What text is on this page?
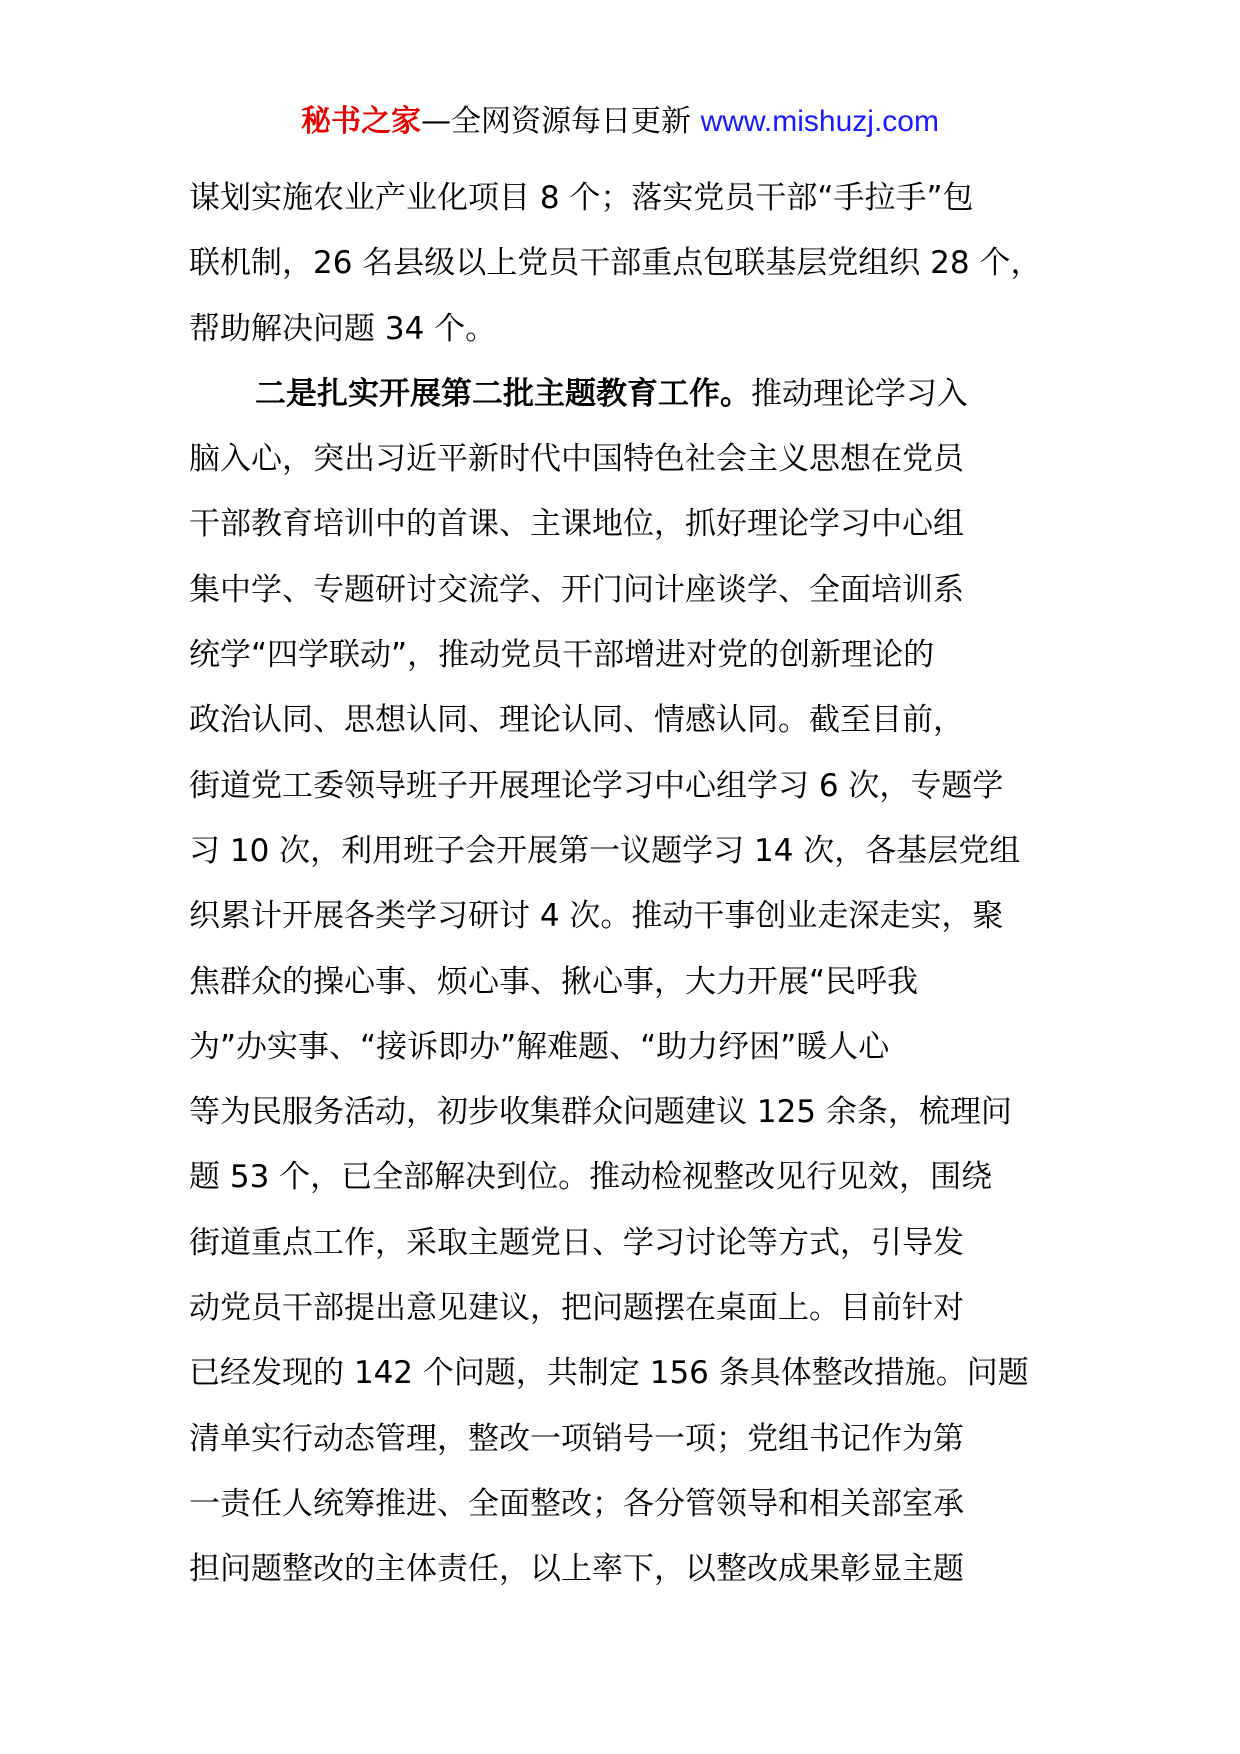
秘书之家—全网资源每日更新 www.mishuzj.com
谋划实施农业产业化项目 8 个；落实党员干部“手拉手”包
联机制，26 名县级以上党员干部重点包联基层党组织 28 个，
帮助解决问题 34 个。
二是扎实开展第二批主题教育工作。推动理论学习入
脑入心，突出习近平新时代中国特色社会主义思想在党员
干部教育培训中的首课、主课地位，抓好理论学习中心组
集中学、专题研讨交流学、开门问计座谈学、全面培训系
统学“四学联动”，推动党员干部增进对党的创新理论的
政治认同、思想认同、理论认同、情感认同。截至目前，
街道党工委领导班子开展理论学习中心组学习 6 次，专题学
习 10 次，利用班子会开展第一议题学习 14 次，各基层党组
织累计开展各类学习研讨 4 次。推动干事创业走深走实，聚
焦群众的操心事、烦心事、揪心事，大力开展“民呼我
为”办实事、“接诉即办”解难题、“助力纾困”暖人心
等为民服务活动，初步收集群众问题建议 125 余条，梳理问
题 53 个，已全部解决到位。推动检视整改见行见效，围绕
街道重点工作，采取主题党日、学习讨论等方式，引导发
动党员干部提出意见建议，把问题摆在桌面上。目前针对
已经发现的 142 个问题，共制定 156 条具体整改措施。问题
清单实行动态管理，整改一项销号一项；党组书记作为第
一责任人统筹推进、全面整改；各分管领导和相关部室承
担问题整改的主体责任，以上率下，以整改成果彰显主题
